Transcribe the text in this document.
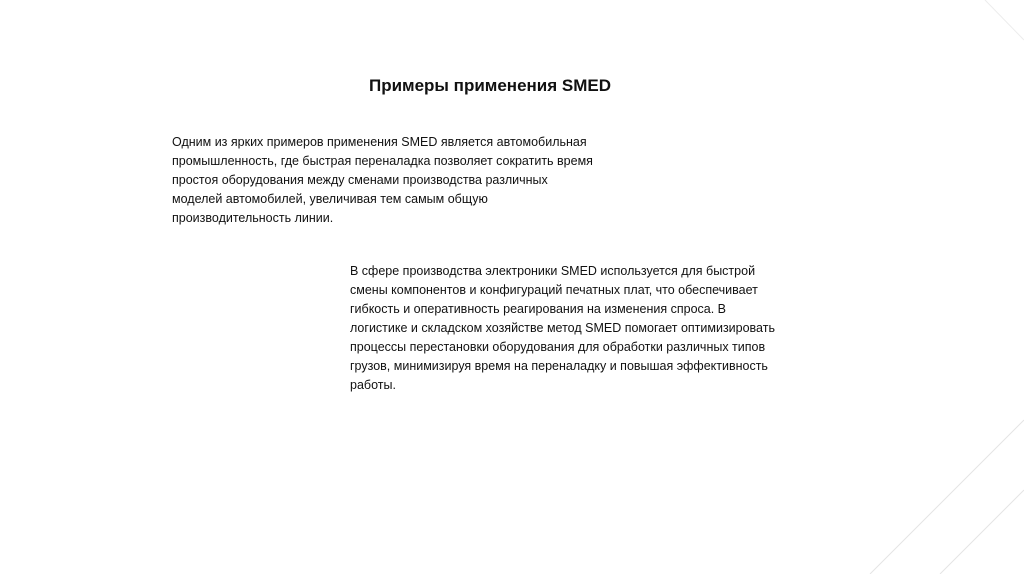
Примеры применения SMED

Одним из ярких примеров применения SMED является автомобильная
промышленность, где быстрая переналадка позволяет сократить время
простоя оборудования между сменами производства различных
моделей автомобилей, увеличивая тем самым общую
производительность линии.

В сфере производства электроники SMED используется для быстрой
смены компонентов и конфигураций печатных плат, что обеспечивает
гибкость и оперативность реагирования на изменения спроса. В
логистике и складском хозяйстве метод SMED помогает оптимизировать
процессы перестановки оборудования для обработки различных типов
грузов, минимизируя время на переналадку и повышая эффективность
работы.
